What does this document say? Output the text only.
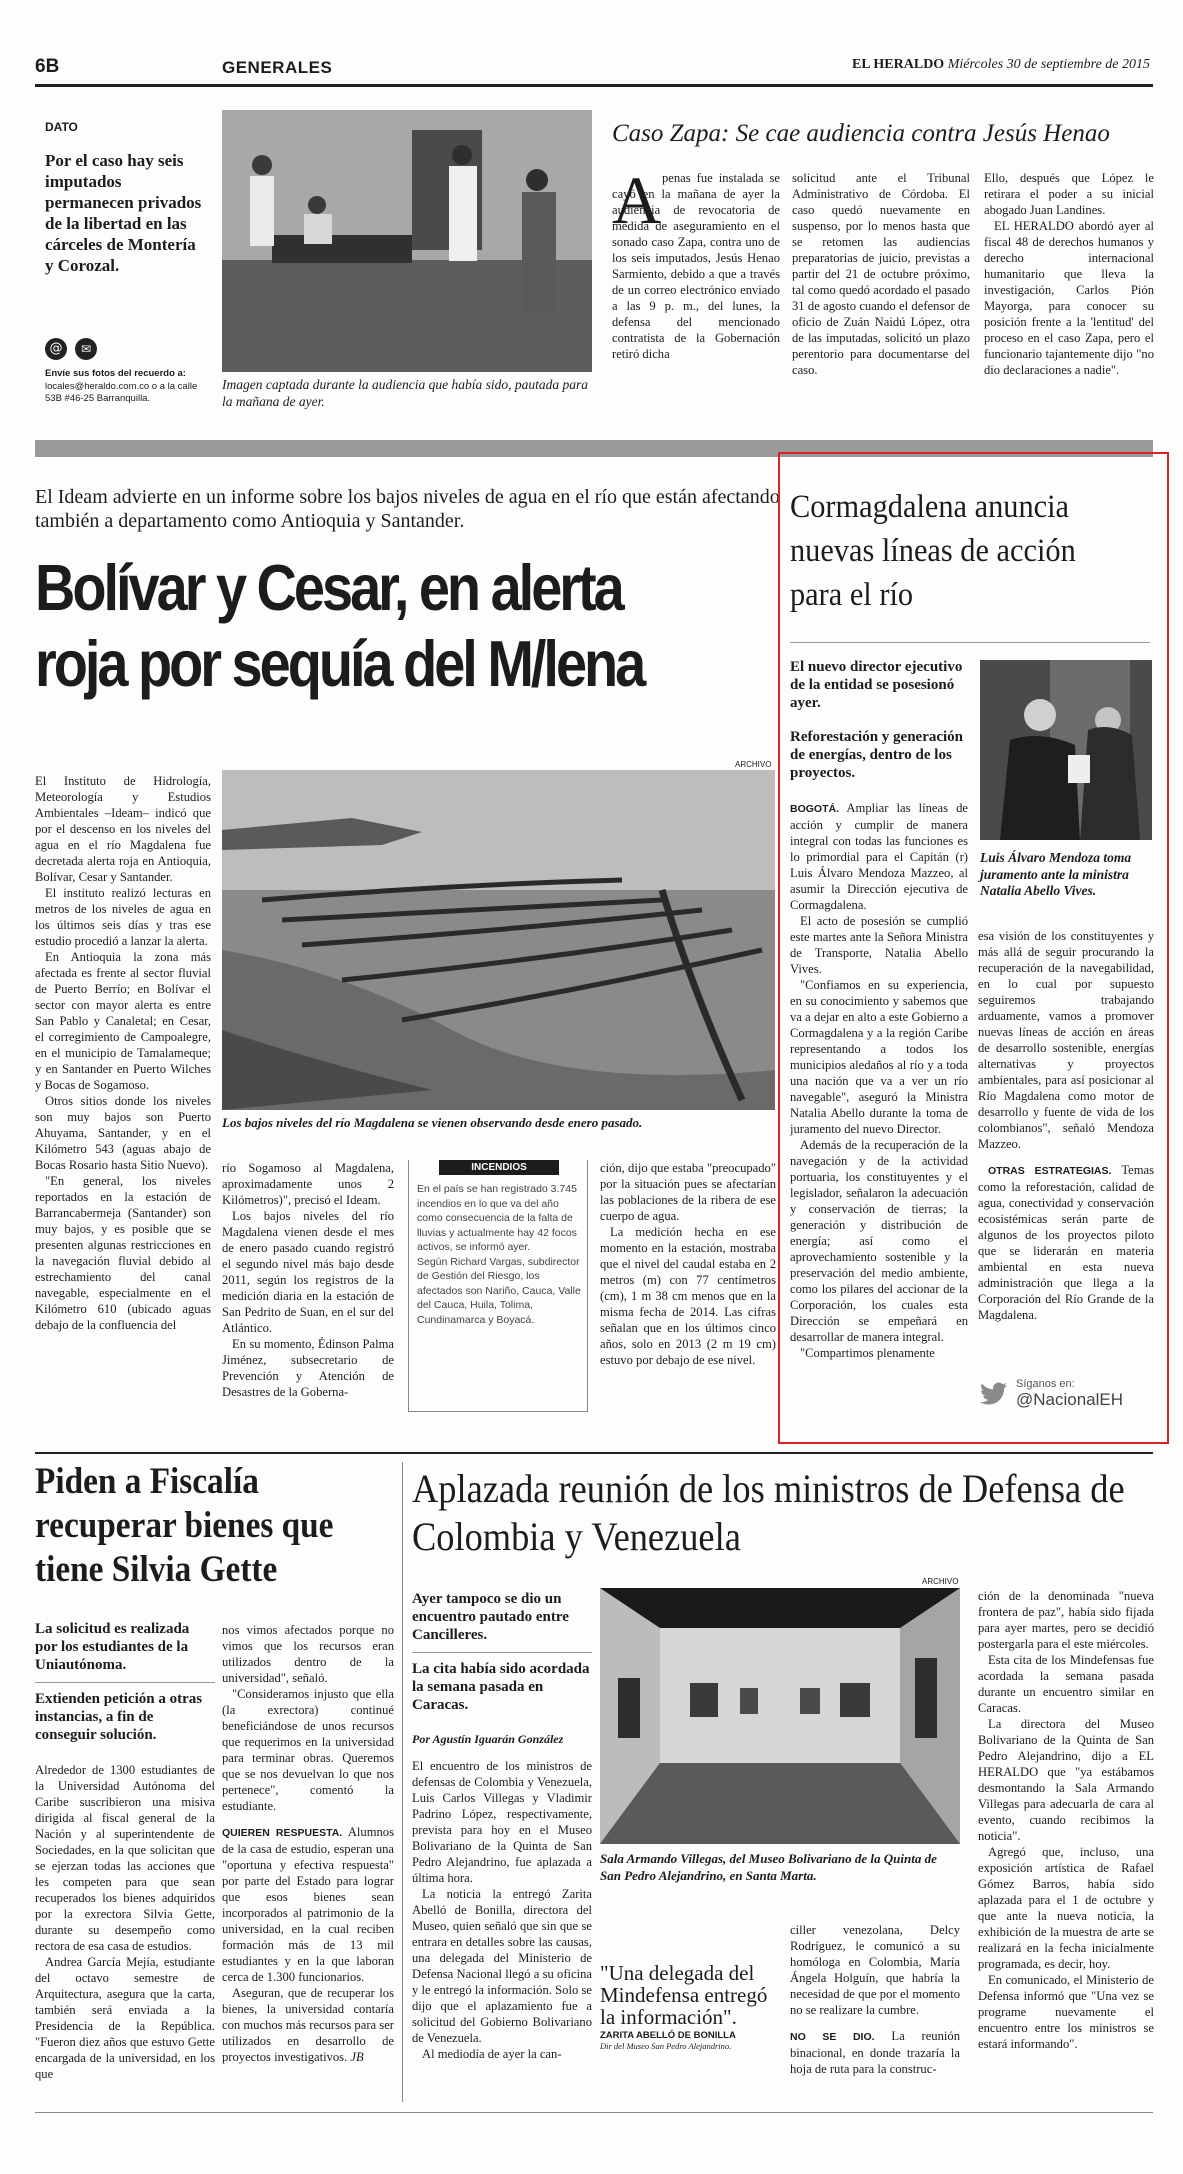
6B	GENERALES	EL HERALDO Miércoles 30 de septiembre de 2015
DATO
Por el caso hay seis imputados permanecen privados de la libertad en las cárceles de Montería y Corozal.
@	✉
Envíe sus fotos del recuerdo a:
locales@heraldo.com.co o a la calle 53B #46-25 Barranquilla.
Imagen captada durante la audiencia que había sido, pautada para la mañana de ayer.
Caso Zapa: Se cae audiencia contra Jesús Henao
A penas fue instalada se cayó en la mañana de ayer la audiencia de revocatoria de medida de aseguramiento en el sonado caso Zapa, contra uno de los seis imputados, Jesús Henao Sarmiento, debido a que a través de un correo electrónico enviado a las 9 p. m., del lunes, la defensa del mencionado contratista de la Gobernación retiró dicha

solicitud ante el Tribunal Administrativo de Córdoba. El caso quedó nuevamente en suspenso, por lo menos hasta que se retomen las audiencias preparatorias de juicio, previstas a partir del 21 de octubre próximo, tal como quedó acordado el pasado 31 de agosto cuando el defensor de oficio de Zuán Naidú López, otra de las imputadas, solicitó un plazo perentorio para documentarse del caso.

Ello, después que López le retirara el poder a su inicial abogado Juan Landines.

EL HERALDO abordó ayer al fiscal 48 de derechos humanos y derecho internacional humanitario que lleva la investigación, Carlos Pión Mayorga, para conocer su posición frente a la 'lentitud' del proceso en el caso Zapa, pero el funcionario tajantemente dijo "no dio declaraciones a nadie".

El Ideam advierte en un informe sobre los bajos niveles de agua en el río que están afectando también a departamento como Antioquia y Santander.
Bolívar y Cesar, en alerta roja por sequía del M/lena
ARCHIVO
Los bajos niveles del río Magdalena se vienen observando desde enero pasado.

El Instituto de Hidrología, Meteorología y Estudios Ambientales –Ideam– indicó que por el descenso en los niveles del agua en el río Magdalena fue decretada alerta roja en Antioquia, Bolívar, Cesar y Santander.

El instituto realizó lecturas en metros de los niveles de agua en los últimos seis días y tras ese estudio procedió a lanzar la alerta.

En Antioquia la zona más afectada es frente al sector fluvial de Puerto Berrío; en Bolívar el sector con mayor alerta es entre San Pablo y Canaletal; en Cesar, el corregimiento de Campoalegre, en el municipio de Tamalameque; y en Santander en Puerto Wilches y Bocas de Sogamoso.

Otros sitios donde los niveles son muy bajos son Puerto Ahuyama, Santander, y en el Kilómetro 543 (aguas abajo de Bocas Rosario hasta Sitio Nuevo).

"En general, los niveles reportados en la estación de Barrancabermeja (Santander) son muy bajos, y es posible que se presenten algunas restricciones en la navegación fluvial debido al estrechamiento del canal navegable, especialmente en el Kilómetro 610 (ubicado aguas debajo de la confluencia del

río Sogamoso al Magdalena, aproximadamente unos 2 Kilómetros)", precisó el Ideam.

Los bajos niveles del río Magdalena vienen desde el mes de enero pasado cuando registró el segundo nivel más bajo desde 2011, según los registros de la medición diaria en la estación de San Pedrito de Suan, en el sur del Atlántico.

En su momento, Édinson Palma Jiménez, subsecretario de Prevención y Atención de Desastres de la Goberna-

INCENDIOS
En el país se han registrado 3.745 incendios en lo que va del año como consecuencia de la falta de lluvias y actualmente hay 42 focos activos, se informó ayer.
Según Richard Vargas, subdirector de Gestión del Riesgo, los afectados son Nariño, Cauca, Valle del Cauca, Huila, Tolima, Cundinamarca y Boyacá.

ción, dijo que estaba "preocupado" por la situación pues se afectarían las poblaciones de la ribera de ese cuerpo de agua.

La medición hecha en ese momento en la estación, mostraba que el nivel del caudal estaba en 2 metros (m) con 77 centímetros (cm), 1 m 38 cm menos que en la misma fecha de 2014. Las cifras señalan que en los últimos cinco años, solo en 2013 (2 m 19 cm) estuvo por debajo de ese nivel.

Cormagdalena anuncia nuevas líneas de acción para el río
El nuevo director ejecutivo de la entidad se posesionó ayer.
Reforestación y generación de energías, dentro de los proyectos.
Luis Álvaro Mendoza toma juramento ante la ministra Natalia Abello Vives.

BOGOTÁ. Ampliar las líneas de acción y cumplir de manera integral con todas las funciones es lo primordial para el Capitán (r) Luis Álvaro Mendoza Mazzeo, al asumir la Dirección ejecutiva de Cormagdalena.

El acto de posesión se cumplió este martes ante la Señora Ministra de Transporte, Natalia Abello Vives.

"Confiamos en su experiencia, en su conocimiento y sabemos que va a dejar en alto a este Gobierno a Cormagdalena y a la región Caribe representando a todos los municipios aledaños al río y a toda una nación que va a ver un río navegable", aseguró la Ministra Natalia Abello durante la toma de juramento del nuevo Director.

Además de la recuperación de la navegación y de la actividad portuaria, los constituyentes y el legislador, señalaron la adecuación y conservación de tierras; la generación y distribución de energía; así como el aprovechamiento sostenible y la preservación del medio ambiente, como los pilares del accionar de la Corporación, los cuales esta Dirección se empeñará en desarrollar de manera integral.

"Compartimos plenamente

esa visión de los constituyentes y más allá de seguir procurando la recuperación de la navegabilidad, en lo cual por supuesto seguiremos trabajando arduamente, vamos a promover nuevas líneas de acción en áreas de desarrollo sostenible, energías alternativas y proyectos ambientales, para así posicionar al Río Magdalena como motor de desarrollo y fuente de vida de los colombianos", señaló Mendoza Mazzeo.

OTRAS ESTRATEGIAS. Temas como la reforestación, calidad de agua, conectividad y conservación ecosistémicas serán parte de algunos de los proyectos piloto que se liderarán en materia ambiental en esta nueva administración que llega a la Corporación del Río Grande de la Magdalena.

Síganos en:
@NacionalEH
Piden a Fiscalía recuperar bienes que tiene Silvia Gette
La solicitud es realizada por los estudiantes de la Uniautónoma.
Extienden petición a otras instancias, a fin de conseguir solución.

Alrededor de 1300 estudiantes de la Universidad Autónoma del Caribe suscribieron una misiva dirigida al fiscal general de la Nación y al superintendente de Sociedades, en la que solicitan que se ejerzan todas las acciones que les competen para que sean recuperados los bienes adquiridos por la exrectora Silvia Gette, durante su desempeño como rectora de esa casa de estudios.

Andrea García Mejía, estudiante del octavo semestre de Arquitectura, asegura que la carta, también será enviada a la Presidencia de la República. "Fueron diez años que estuvo Gette encargada de la universidad, en los que

nos vimos afectados porque no vimos que los recursos eran utilizados dentro de la universidad", señaló.

"Consideramos injusto que ella (la exrectora) continué beneficiándose de unos recursos que requerimos en la universidad para terminar obras. Queremos que se nos devuelvan lo que nos pertenece", comentó la estudiante.

QUIEREN RESPUESTA. Alumnos de la casa de estudio, esperan una "oportuna y efectiva respuesta" por parte del Estado para lograr que esos bienes sean incorporados al patrimonio de la universidad, en la cual reciben formación más de 13 mil estudiantes y en la que laboran cerca de 1.300 funcionarios.

Aseguran, que de recuperar los bienes, la universidad contaría con muchos más recursos para ser utilizados en desarrollo de proyectos investigativos. JB

Aplazada reunión de los ministros de Defensa de Colombia y Venezuela
Ayer tampoco se dio un encuentro pautado entre Cancilleres.
La cita había sido acordada la semana pasada en Caracas.
Por Agustín Iguarán González

El encuentro de los ministros de defensas de Colombia y Venezuela, Luis Carlos Villegas y Vladimir Padrino López, respectivamente, prevista para hoy en el Museo Bolivariano de la Quinta de San Pedro Alejandrino, fue aplazada a última hora.

La noticia la entregó Zarita Abelló de Bonilla, directora del Museo, quien señaló que sin que se entrara en detalles sobre las causas, una delegada del Ministerio de Defensa Nacional llegó a su oficina y le entregó la información. Solo se dijo que el aplazamiento fue a solicitud del Gobierno Bolivariano de Venezuela.

Al mediodía de ayer la can-

ARCHIVO
Sala Armando Villegas, del Museo Bolivariano de la Quinta de San Pedro Alejandrino, en Santa Marta.
"Una delegada del Mindefensa entregó la información".
ZARITA ABELLÓ DE BONILLA
Dir del Museo San Pedro Alejandrino.

ciller venezolana, Delcy Rodríguez, le comunicó a su homóloga en Colombia, María Ángela Holguín, que habría la necesidad de que por el momento no se realizare la cumbre.

NO SE DIO. La reunión binacional, en donde trazaría la hoja de ruta para la construc-

ción de la denominada "nueva frontera de paz", había sido fijada para ayer martes, pero se decidió postergarla para el este miércoles.

Esta cita de los Mindefensas fue acordada la semana pasada durante un encuentro similar en Caracas.

La directora del Museo Bolivariano de la Quinta de San Pedro Alejandrino, dijo a EL HERALDO que "ya estábamos desmontando la Sala Armando Villegas para adecuarla de cara al evento, cuando recibimos la noticia".

Agregó que, incluso, una exposición artística de Rafael Gómez Barros, había sido aplazada para el 1 de octubre y que ante la nueva noticia, la exhibición de la muestra de arte se realizará en la fecha inicialmente programada, es decir, hoy.

En comunicado, el Ministerio de Defensa informó que "Una vez se programe nuevamente el encuentro entre los ministros se estará informando".
